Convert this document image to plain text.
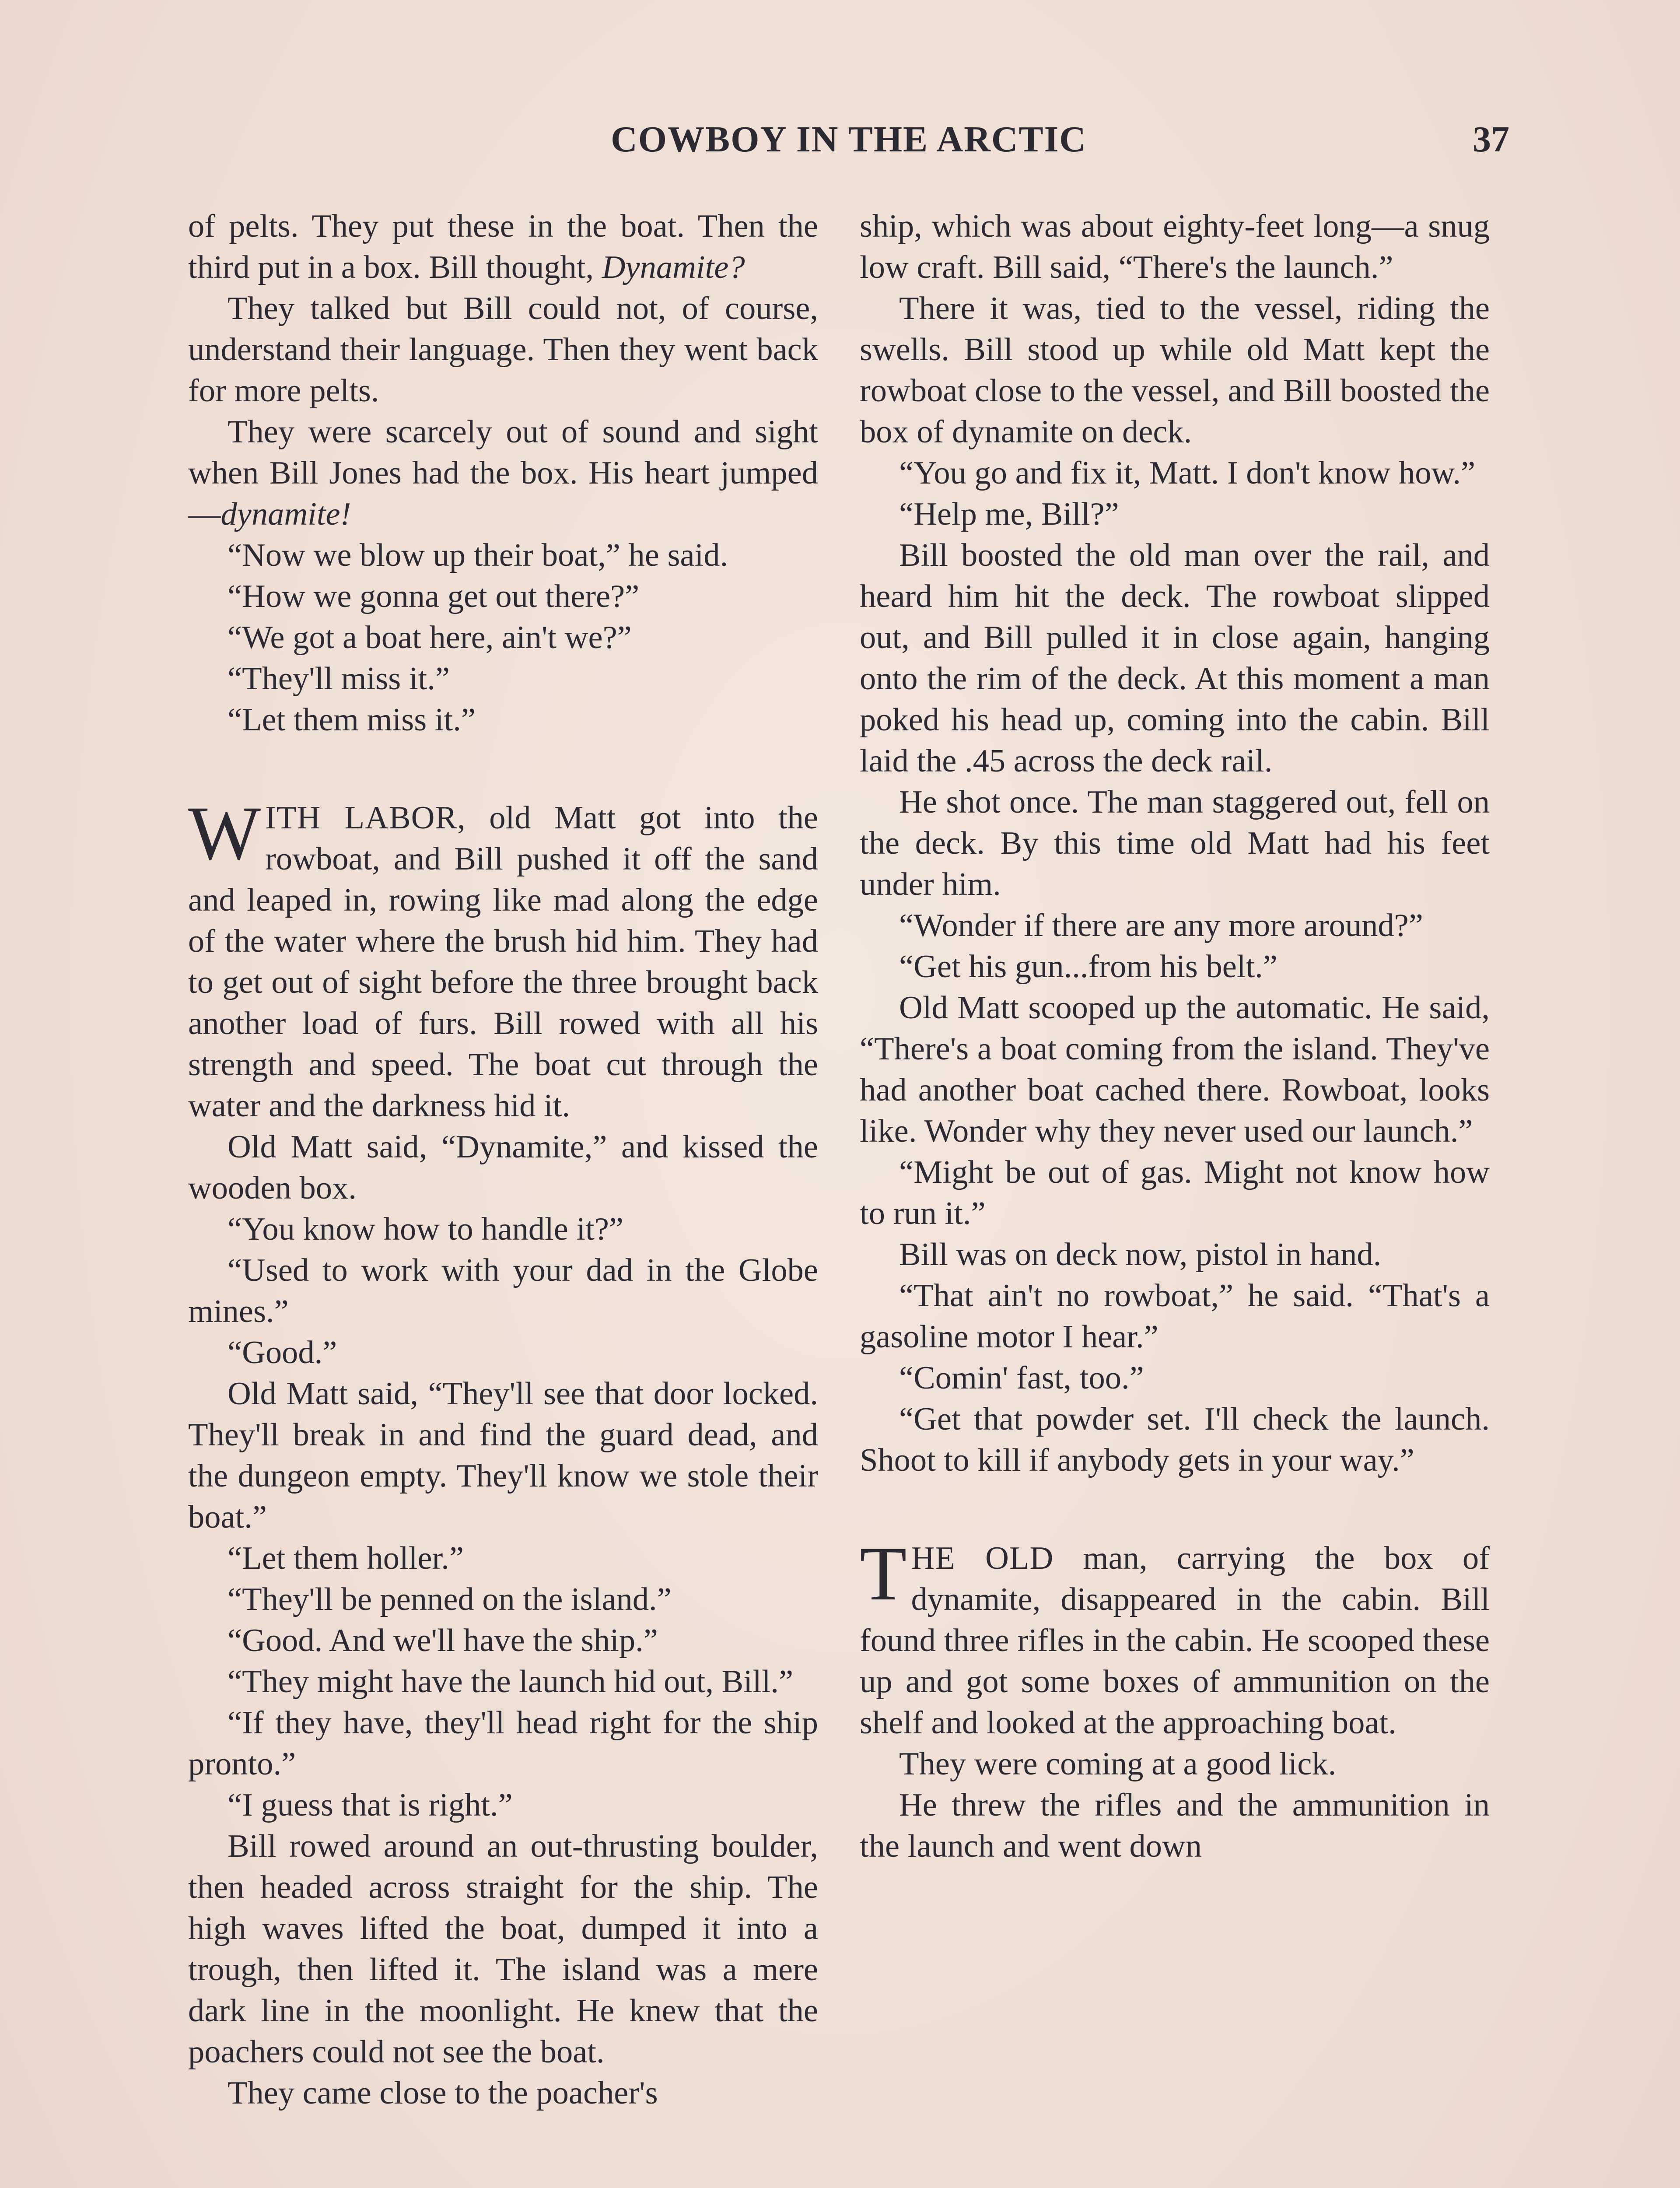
COWBOY IN THE ARCTIC	37

of pelts. They put these in the boat. Then the third put in a box. Bill thought, Dynamite?

They talked but Bill could not, of course, understand their language. Then they went back for more pelts.

They were scarcely out of sound and sight when Bill Jones had the box. His heart jumped—dynamite!

“Now we blow up their boat,” he said.

“How we gonna get out there?”

“We got a boat here, ain't we?”

“They'll miss it.”

“Let them miss it.”

WITH LABOR, old Matt got into the rowboat, and Bill pushed it off the sand and leaped in, rowing like mad along the edge of the water where the brush hid him. They had to get out of sight before the three brought back another load of furs. Bill rowed with all his strength and speed. The boat cut through the water and the darkness hid it.

Old Matt said, “Dynamite,” and kissed the wooden box.

“You know how to handle it?”

“Used to work with your dad in the Globe mines.”

“Good.”

Old Matt said, “They'll see that door locked. They'll break in and find the guard dead, and the dungeon empty. They'll know we stole their boat.”

“Let them holler.”

“They'll be penned on the island.”

“Good. And we'll have the ship.”

“They might have the launch hid out, Bill.”

“If they have, they'll head right for the ship pronto.”

“I guess that is right.”

Bill rowed around an out-thrusting boulder, then headed across straight for the ship. The high waves lifted the boat, dumped it into a trough, then lifted it. The island was a mere dark line in the moonlight. He knew that the poachers could not see the boat.

They came close to the poacher's

ship, which was about eighty-feet long—a snug low craft. Bill said, “There's the launch.”

There it was, tied to the vessel, riding the swells. Bill stood up while old Matt kept the rowboat close to the vessel, and Bill boosted the box of dynamite on deck.

“You go and fix it, Matt. I don't know how.”

“Help me, Bill?”

Bill boosted the old man over the rail, and heard him hit the deck. The rowboat slipped out, and Bill pulled it in close again, hanging onto the rim of the deck. At this moment a man poked his head up, coming into the cabin. Bill laid the .45 across the deck rail.

He shot once. The man staggered out, fell on the deck. By this time old Matt had his feet under him.

“Wonder if there are any more around?”

“Get his gun...from his belt.”

Old Matt scooped up the automatic. He said, “There's a boat coming from the island. They've had another boat cached there. Rowboat, looks like. Wonder why they never used our launch.”

“Might be out of gas. Might not know how to run it.”

Bill was on deck now, pistol in hand.

“That ain't no rowboat,” he said. “That's a gasoline motor I hear.”

“Comin' fast, too.”

“Get that powder set. I'll check the launch. Shoot to kill if anybody gets in your way.”

THE OLD man, carrying the box of dynamite, disappeared in the cabin. Bill found three rifles in the cabin. He scooped these up and got some boxes of ammunition on the shelf and looked at the approaching boat.

They were coming at a good lick.

He threw the rifles and the ammunition in the launch and went down
